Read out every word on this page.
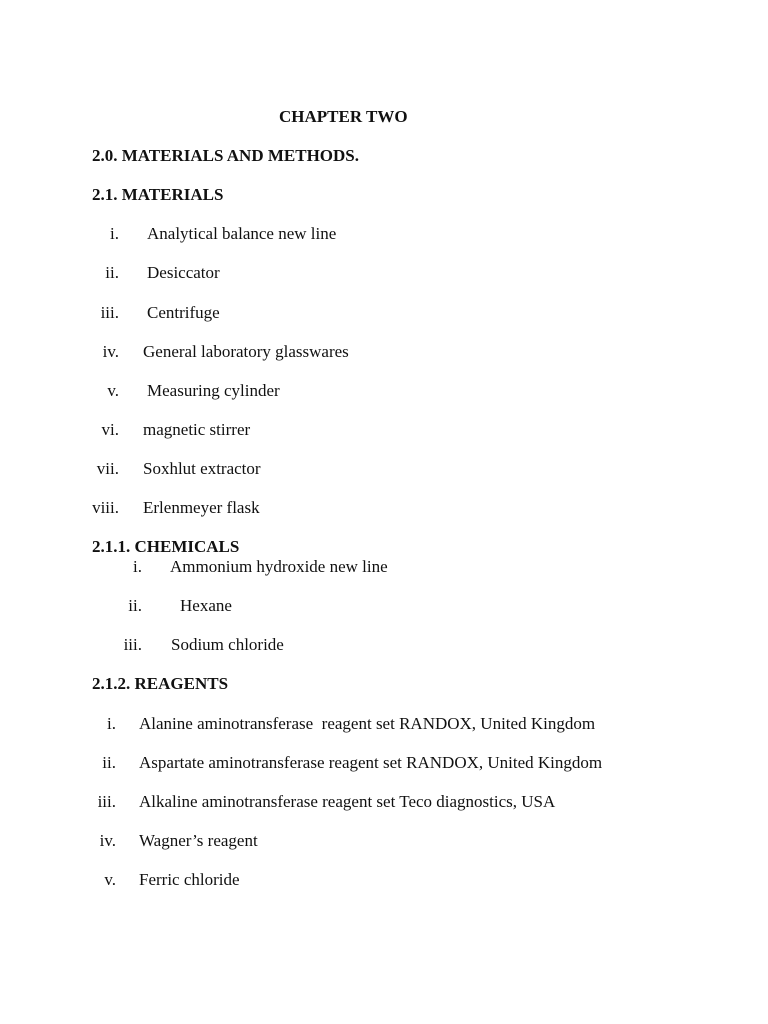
CHAPTER TWO
2.0. MATERIALS AND METHODS.
2.1. MATERIALS
i. Analytical balance new line
ii. Desiccator
iii. Centrifuge
iv. General laboratory glasswares
v. Measuring cylinder
vi. magnetic stirrer
vii. Soxhlut extractor
viii. Erlenmeyer flask
2.1.1. CHEMICALS
i. Ammonium hydroxide new line
ii. Hexane
iii. Sodium chloride
2.1.2. REAGENTS
i. Alanine aminotransferase  reagent set RANDOX, United Kingdom
ii. Aspartate aminotransferase reagent set RANDOX, United Kingdom
iii. Alkaline aminotransferase reagent set Teco diagnostics, USA
iv. Wagner’s reagent
v. Ferric chloride
